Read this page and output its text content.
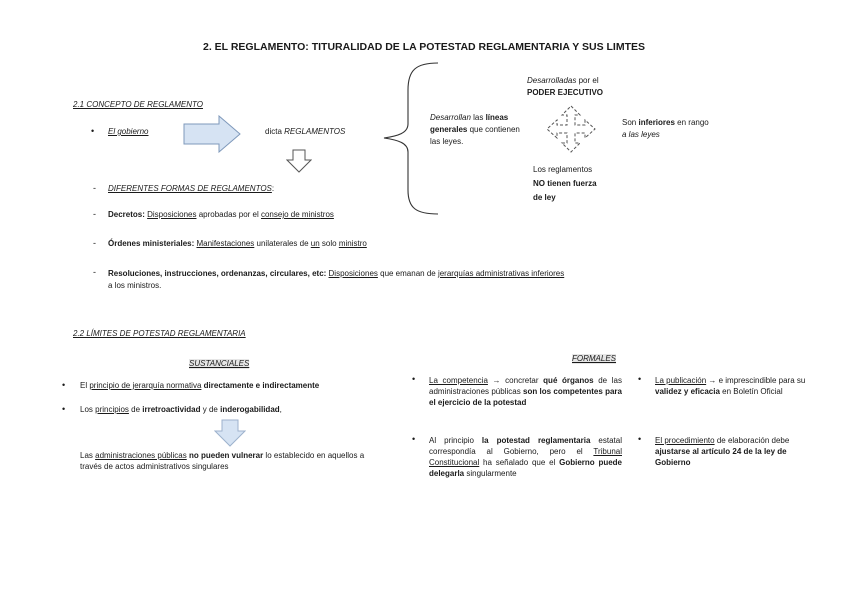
2. EL REGLAMENTO: TITURALIDAD DE LA POTESTAD REGLAMENTARIA Y SUS LIMTES
2.1 CONCEPTO DE REGLAMENTO
• El gobierno	dicta REGLAMENTOS
- DIFERENTES FORMAS DE REGLAMENTOS:
- Decretos: Disposiciones aprobadas por el consejo de ministros
- Órdenes ministeriales: Manifestaciones unilaterales de un solo ministro
- Resoluciones, instrucciones, ordenanzas, circulares, etc: Disposiciones que emanan de jerarquías administrativas inferiores a los ministros.
Desarrollan las líneas generales que contienen las leyes.
Desarrolladas por el
PODER EJECUTIVO
Son inferiores en rango
a las leyes
Los reglamentos
NO tienen fuerza
de ley
2.2 LÍMITES DE POTESTAD REGLAMENTARIA
SUSTANCIALES
FORMALES
• El principio de jerarquía normativa directamente e indirectamente
• Los principios de irretroactividad y de inderogabilidad,
Las administraciones públicas no pueden vulnerar lo establecido en aquellos a través de actos administrativos singulares
• La competencia → concretar qué órganos de las administraciones públicas son los competentes para el ejercicio de la potestad
• Al principio la potestad reglamentaria estatal correspondía al Gobierno, pero el Tribunal Constitucional ha señalado que el Gobierno puede delegarla singularmente
• La publicación → e imprescindible para su validez y eficacia en Boletín Oficial
• El procedimiento de elaboración debe ajustarse al artículo 24 de la ley de Gobierno
